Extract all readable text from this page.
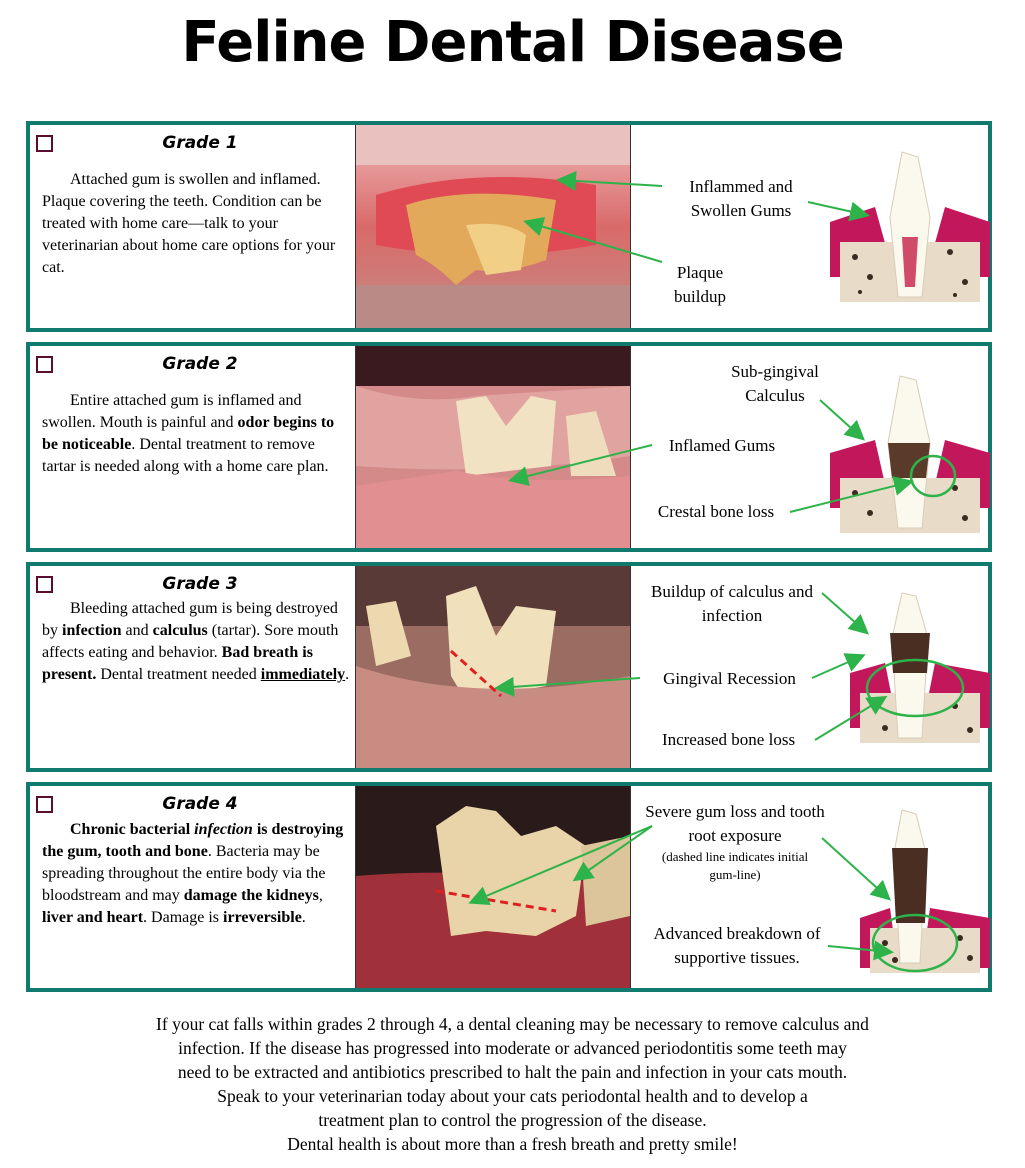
Feline Dental Disease
Grade 1
Attached gum is swollen and inflamed. Plaque covering the teeth. Condition can be treated with home care—talk to your veterinarian about home care options for your cat.
Inflammed and Swollen Gums
Plaque buildup
Grade 2
Entire attached gum is inflamed and swollen. Mouth is painful and odor begins to be noticeable. Dental treatment to remove tartar is needed along with a home care plan.
Sub-gingival Calculus
Inflamed Gums
Crestal bone loss
Grade 3
Bleeding attached gum is being destroyed by infection and calculus (tartar). Sore mouth affects eating and behavior. Bad breath is present. Dental treatment needed immediately.
Buildup of calculus and infection
Gingival Recession
Increased bone loss
Grade 4
Chronic bacterial infection is destroying the gum, tooth and bone. Bacteria may be spreading throughout the entire body via the bloodstream and may damage the kidneys, liver and heart. Damage is irreversible.
Severe gum loss and tooth root exposure
(dashed line indicates initial gum-line)
Advanced breakdown of supportive tissues.
If your cat falls within grades 2 through 4, a dental cleaning may be necessary to remove calculus and
infection. If the disease has progressed into moderate or advanced periodontitis some teeth may
need to be extracted and antibiotics prescribed to halt the pain and infection in your cats mouth.
Speak to your veterinarian today about your cats periodontal health and to develop a
treatment plan to control the progression of the disease.
Dental health is about more than a fresh breath and pretty smile!
